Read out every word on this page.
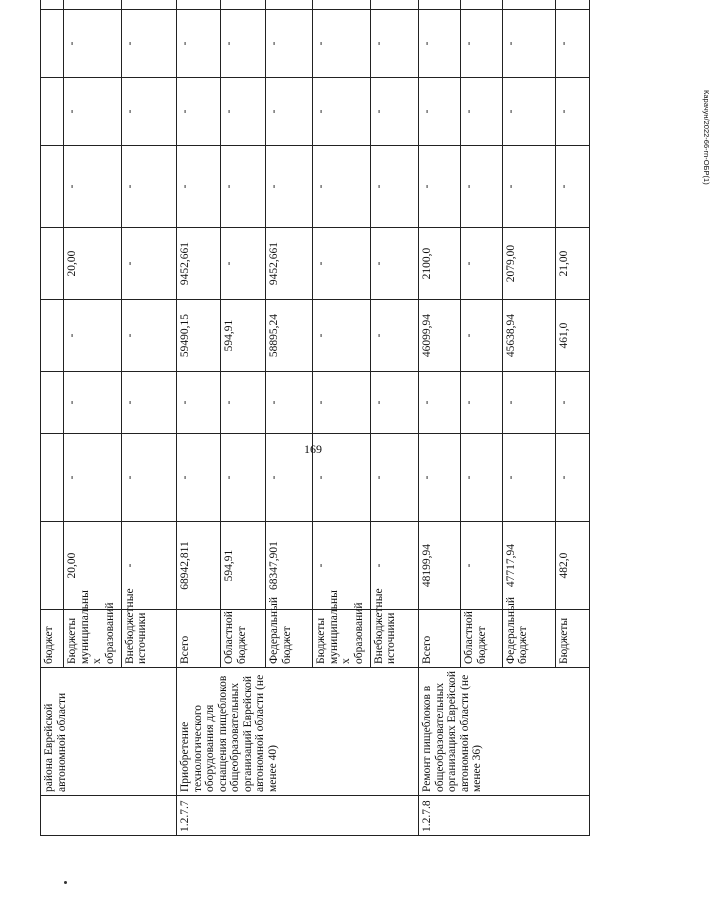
	района Еврейской автономной области	бюджет											
		Бюджеты муниципальны х образований	20,00	-	-	-	20,00	-	-	-			
		Внебюджетные источники	-	-	-	-	-	-	-	-			
1.2.7.7	Приобретение технологического оборудования для оснащения пищеблоков общеобразовательных организаций Еврейской автономной области (не менее 40)	Всего	68942,811	-	-	59490,15	9452,661	-	-	-			
		Областной бюджет	594,91	-	-	594,91	-	-	-	-			
		Федеральный бюджет	68347,901	-	-	58895,24	9452,661	-	-	-			
		Бюджеты муниципальны х образований	-	-	-	-	-	-	-	-			
		Внебюджетные источники	-	-	-	-	-	-	-	-			
1.2.7.8	Ремонт пищеблоков в общеобразовательных организациях Еврейской автономной области (не менее 36)	Всего	48199,94	-	-	46099,94	2100,0	-	-	-			
		Областной бюджет	-	-	-	-	-	-	-	-			
		Федеральный бюджет	47717,94	-	-	45638,94	2079,00	-	-	-			
		Бюджеты	482,0	-	-	461,0	21,00	-	-	-			
169
Карачун/2022-66-rn-ОБР(1)
